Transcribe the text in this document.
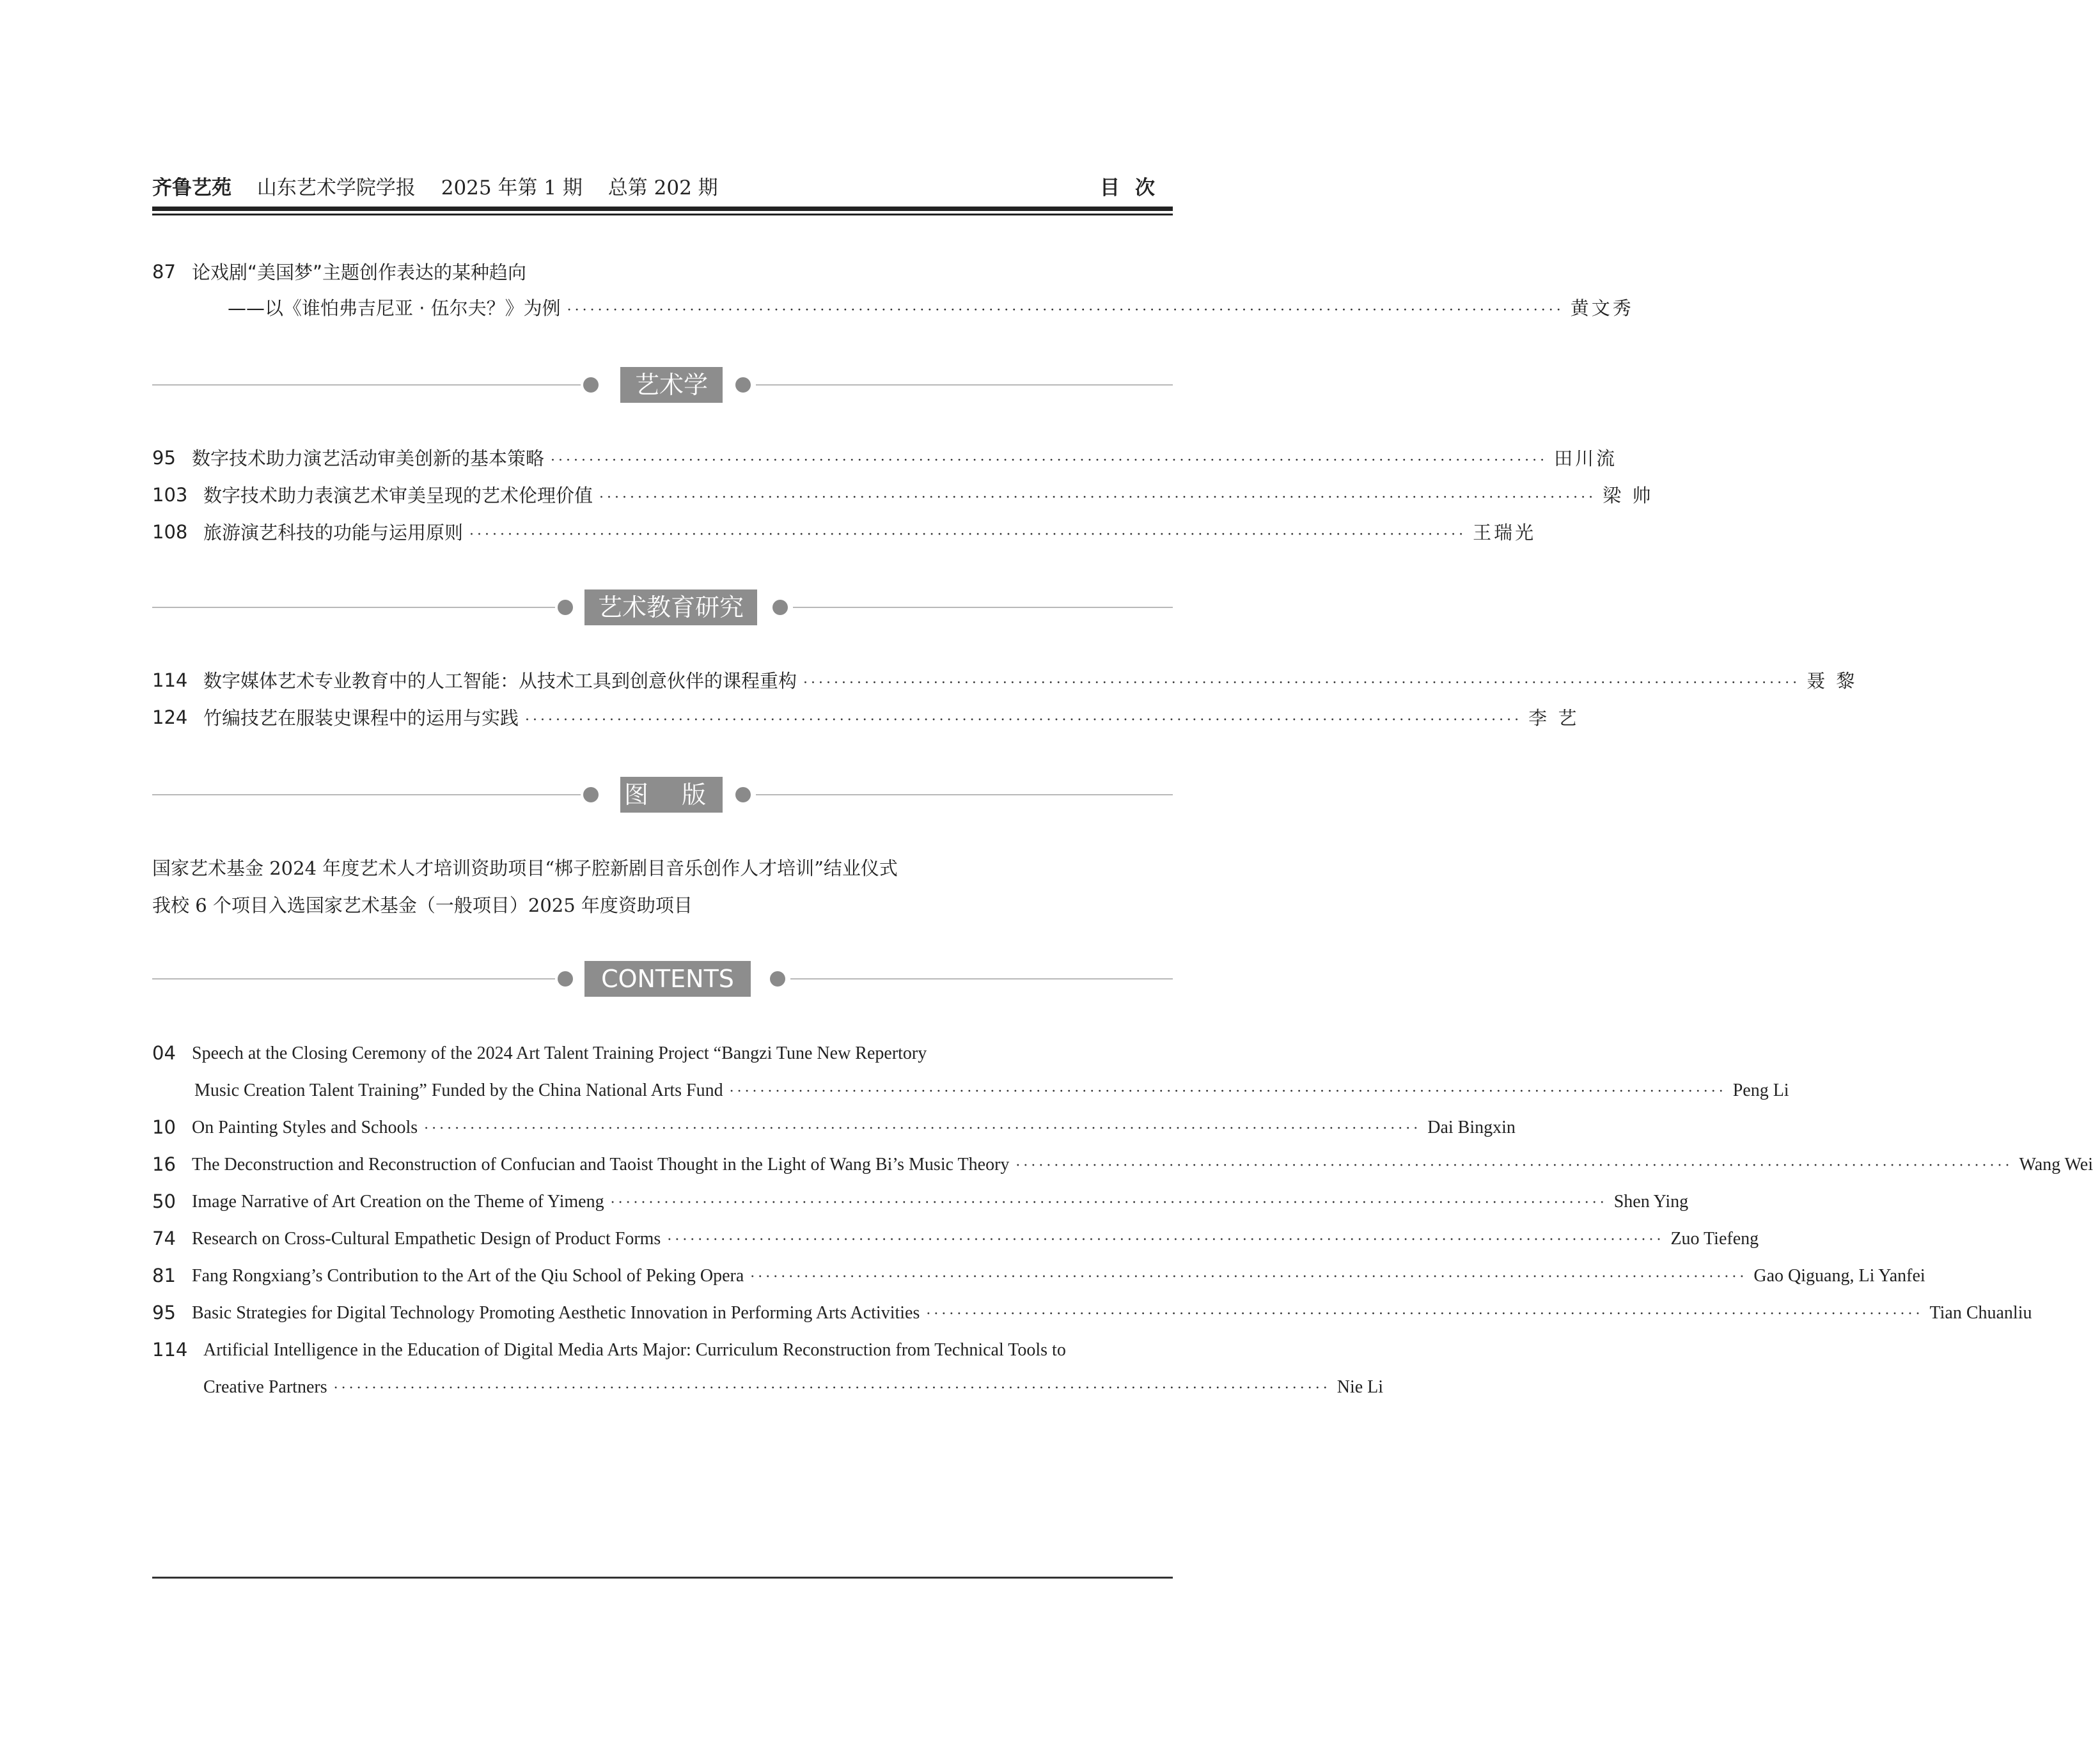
齐鲁艺苑 山东艺术学院学报 2025 年第 1 期 总第 202 期	目次
87 论戏剧“美国梦”主题创作表达的某种趋向
——以《谁怕弗吉尼亚 · 伍尔夫？》为例 ·································································································································· 黄文秀
艺术学
95 数字技术助力演艺活动审美创新的基本策略 ·································································································································· 田川流
103 数字技术助力表演艺术审美呈现的艺术伦理价值 ·································································································································· 梁 帅
108 旅游演艺科技的功能与运用原则 ·································································································································· 王瑞光
艺术教育研究
114 数字媒体艺术专业教育中的人工智能：从技术工具到创意伙伴的课程重构 ·································································································································· 聂 黎
124 竹编技艺在服装史课程中的运用与实践 ·································································································································· 李 艺
图 版
国家艺术基金 2024 年度艺术人才培训资助项目“梆子腔新剧目音乐创作人才培训”结业仪式
我校 6 个项目入选国家艺术基金（一般项目）2025 年度资助项目
CONTENTS
04 Speech at the Closing Ceremony of the 2024 Art Talent Training Project “Bangzi Tune New Repertory
Music Creation Talent Training” Funded by the China National Arts Fund ·································································································································· Peng Li
10 On Painting Styles and Schools ·································································································································· Dai Bingxin
16 The Deconstruction and Reconstruction of Confucian and Taoist Thought in the Light of Wang Bi’s Music Theory ·································································································································· Wang Wei
50 Image Narrative of Art Creation on the Theme of Yimeng ·································································································································· Shen Ying
74 Research on Cross-Cultural Empathetic Design of Product Forms ·································································································································· Zuo Tiefeng
81 Fang Rongxiang’s Contribution to the Art of the Qiu School of Peking Opera ·································································································································· Gao Qiguang, Li Yanfei
95 Basic Strategies for Digital Technology Promoting Aesthetic Innovation in Performing Arts Activities ·································································································································· Tian Chuanliu
114 Artificial Intelligence in the Education of Digital Media Arts Major: Curriculum Reconstruction from Technical Tools to
Creative Partners ·································································································································· Nie Li
